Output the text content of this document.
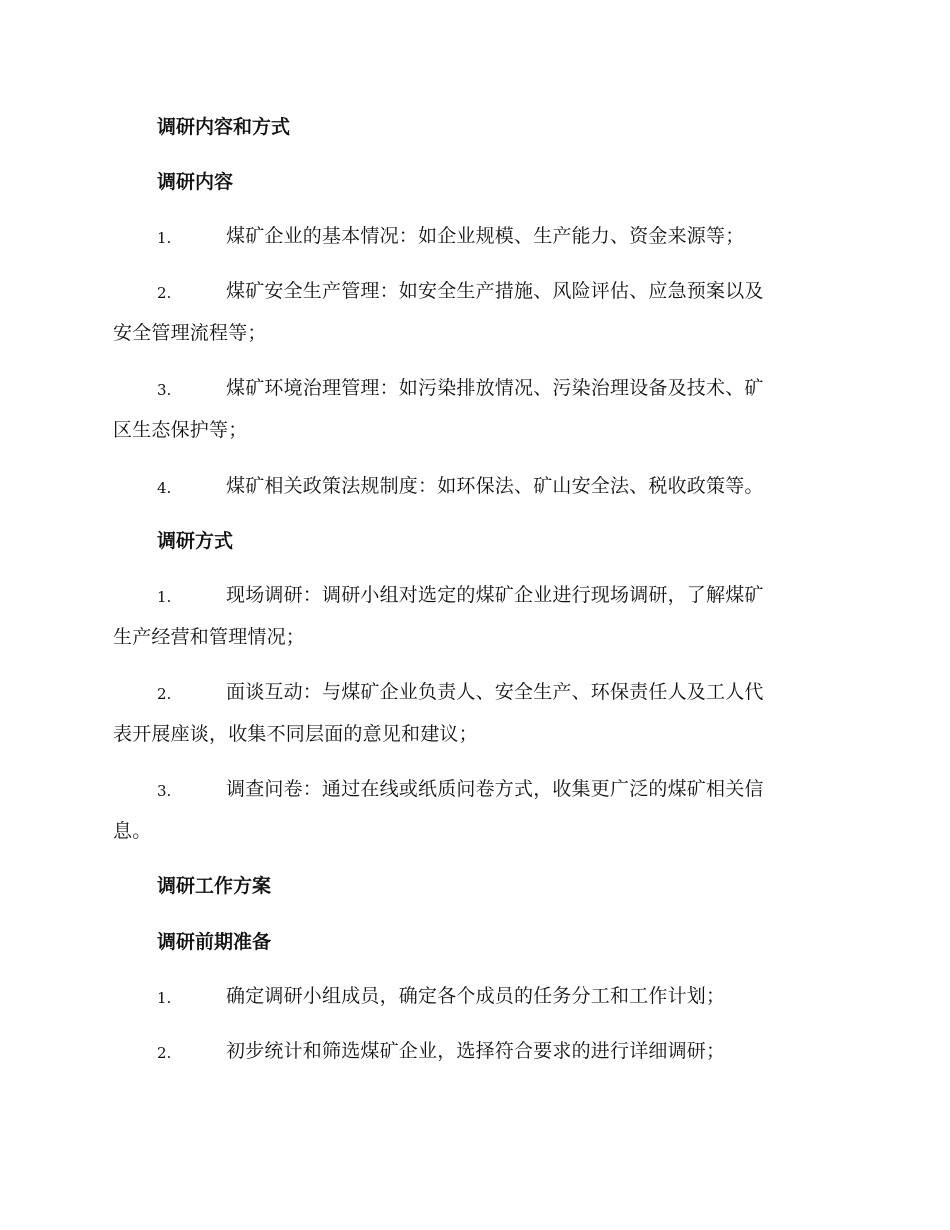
调研内容和方式
调研内容
1.	煤矿企业的基本情况：如企业规模、生产能力、资金来源等；
2.	煤矿安全生产管理：如安全生产措施、风险评估、应急预案以及
安全管理流程等；
3.	煤矿环境治理管理：如污染排放情况、污染治理设备及技术、矿
区生态保护等；
4.	煤矿相关政策法规制度：如环保法、矿山安全法、税收政策等。
调研方式
1.	现场调研：调研小组对选定的煤矿企业进行现场调研，了解煤矿
生产经营和管理情况；
2.	面谈互动：与煤矿企业负责人、安全生产、环保责任人及工人代
表开展座谈，收集不同层面的意见和建议；
3.	调查问卷：通过在线或纸质问卷方式，收集更广泛的煤矿相关信
息。
调研工作方案
调研前期准备
1.	确定调研小组成员，确定各个成员的任务分工和工作计划；
2.	初步统计和筛选煤矿企业，选择符合要求的进行详细调研；
